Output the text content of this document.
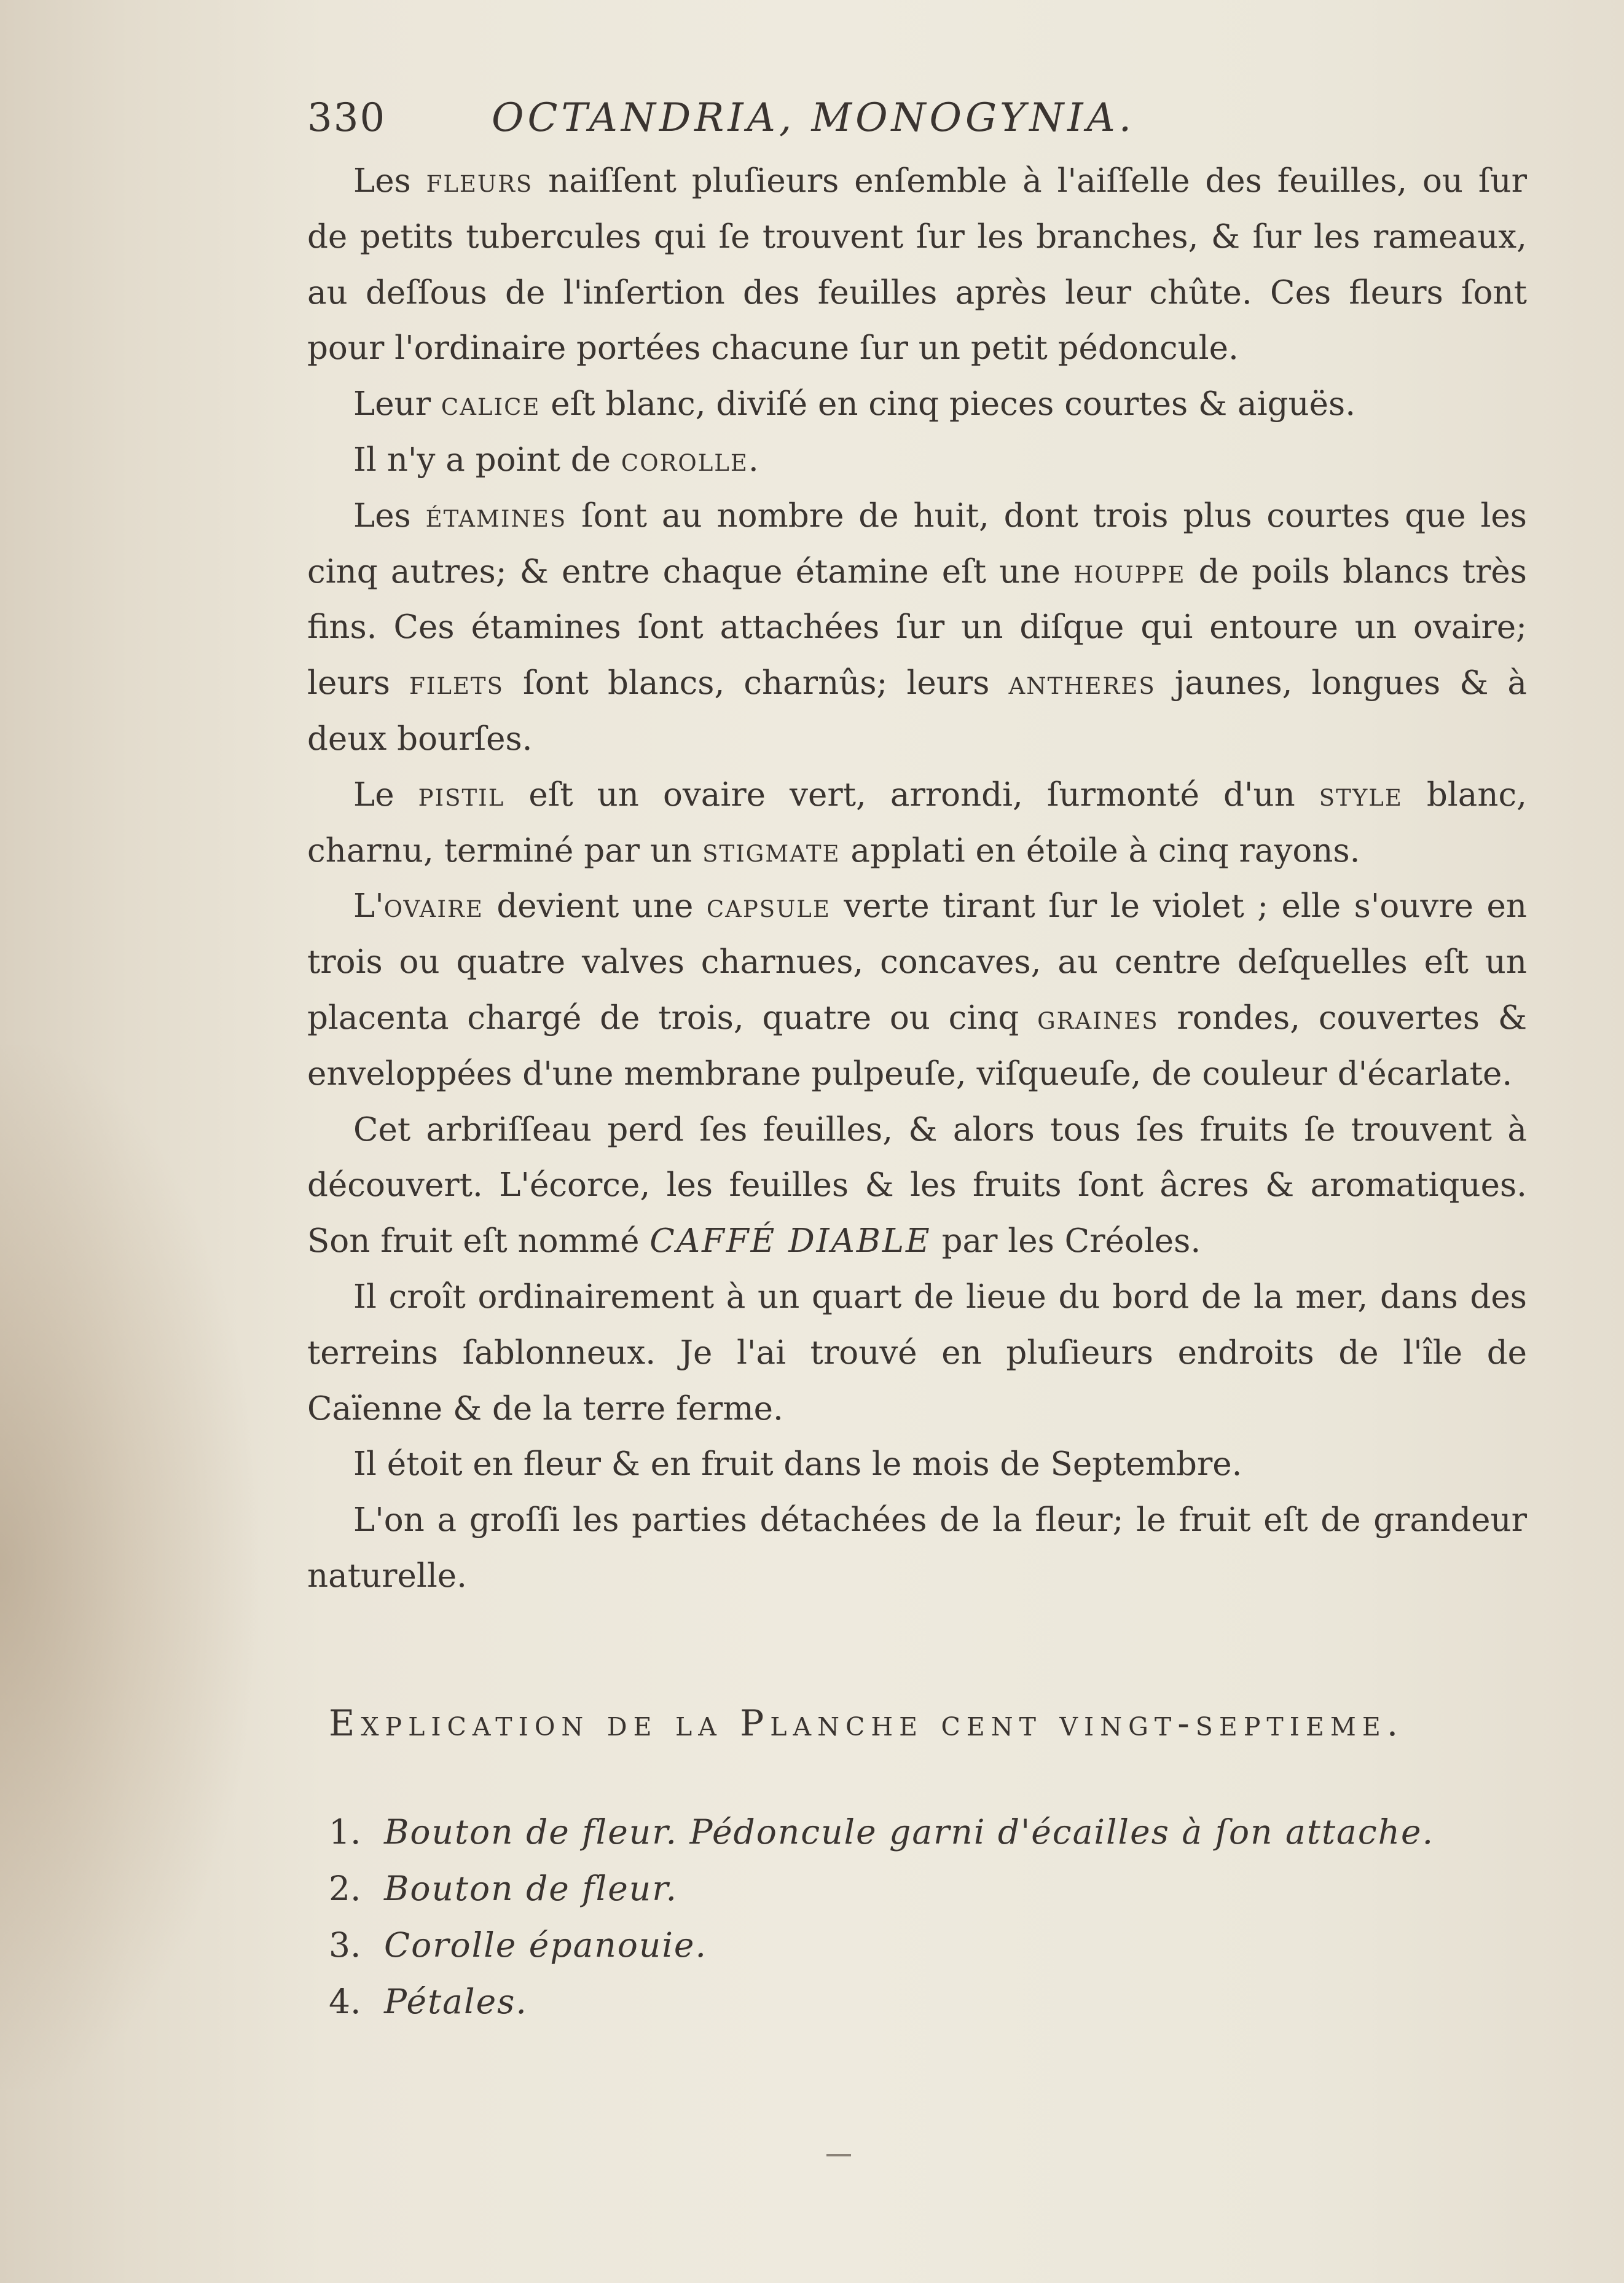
330	OCTANDRIA, MONOGYNIA.

Les fleurs naiſſent pluſieurs enſemble à l'aiſſelle des feuilles, ou ſur de petits tubercules qui ſe trouvent ſur les branches, & ſur les rameaux, au deſſous de l'inſertion des feuilles après leur chûte. Ces fleurs ſont pour l'ordinaire portées chacune ſur un petit pédoncule.

Leur calice eſt blanc, diviſé en cinq pieces courtes & aiguës.

Il n'y a point de corolle.

Les étamines ſont au nombre de huit, dont trois plus courtes que les cinq autres; & entre chaque étamine eſt une houppe de poils blancs très fins. Ces étamines ſont attachées ſur un diſque qui entoure un ovaire; leurs filets ſont blancs, charnûs; leurs antheres jaunes, longues & à deux bourſes.

Le pistil eſt un ovaire vert, arrondi, ſurmonté d'un style blanc, charnu, terminé par un stigmate applati en étoile à cinq rayons.

L'ovaire devient une capsule verte tirant ſur le violet ; elle s'ouvre en trois ou quatre valves charnues, concaves, au centre deſquelles eſt un placenta chargé de trois, quatre ou cinq graines rondes, couvertes & enveloppées d'une membrane pulpeuſe, viſqueuſe, de couleur d'écarlate.

Cet arbriſſeau perd ſes feuilles, & alors tous ſes fruits ſe trouvent à découvert. L'écorce, les feuilles & les fruits ſont âcres & aromatiques. Son fruit eſt nommé CAFFÉ DIABLE par les Créoles.

Il croît ordinairement à un quart de lieue du bord de la mer, dans des terreins ſablonneux. Je l'ai trouvé en pluſieurs endroits de l'île de Caïenne & de la terre ferme.

Il étoit en fleur & en fruit dans le mois de Septembre.

L'on a groſſi les parties détachées de la fleur; le fruit eſt de grandeur naturelle.

Explication de la Planche cent vingt-septieme.
1. Bouton de fleur. Pédoncule garni d'écailles à ſon attache.
2. Bouton de fleur.
3. Corolle épanouie.
4. Pétales.
